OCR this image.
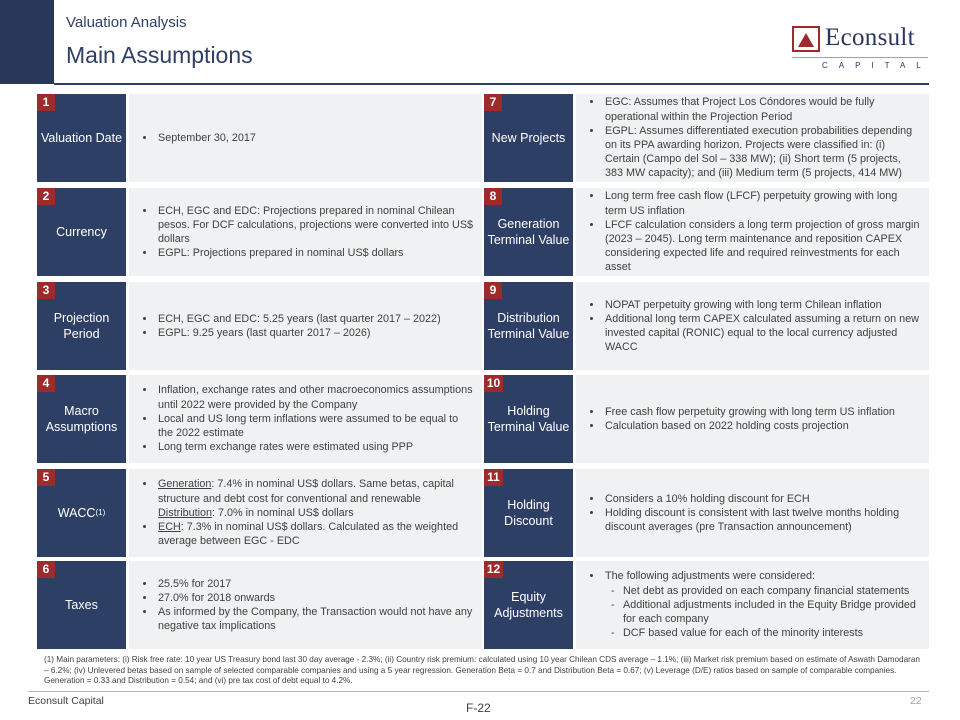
Valuation Analysis
Main Assumptions
Econsult
CAPITAL
1
Valuation Date
•	September 30, 2017
2
Currency
• ECH, EGC and EDC: Projections prepared in nominal Chilean pesos. For DCF calculations, projections were converted into US$ dollars
• EGPL: Projections prepared in nominal US$ dollars
3
Projection Period
• ECH, EGC and EDC: 5.25 years (last quarter 2017 – 2022)
• EGPL: 9.25 years (last quarter 2017 – 2026)
4
Macro Assumptions
• Inflation, exchange rates and other macroeconomics assumptions until 2022 were provided by the Company
• Local and US long term inflations were assumed to be equal to the 2022 estimate
• Long term exchange rates were estimated using PPP
5
WACC (1)
• Generation: 7.4% in nominal US$ dollars. Same betas, capital structure and debt cost for conventional and renewable
Distribution: 7.0% in nominal US$ dollars
• ECH: 7.3% in nominal US$ dollars. Calculated as the weighted average between EGC - EDC
6
Taxes
• 25.5% for 2017
• 27.0% for 2018 onwards
• As informed by the Company, the Transaction would not have any negative tax implications
7
New Projects
• EGC: Assumes that Project Los Cóndores would be fully operational within the Projection Period
• EGPL: Assumes differentiated execution probabilities depending on its PPA awarding horizon. Projects were classified in: (i) Certain (Campo del Sol – 338 MW); (ii) Short term (5 projects, 383 MW capacity); and (iii) Medium term (5 projects, 414 MW)
8
Generation Terminal Value
• Long term free cash flow (LFCF) perpetuity growing with long term US inflation
• LFCF calculation considers a long term projection of gross margin (2023 – 2045). Long term maintenance and reposition CAPEX considering expected life and required reinvestments for each asset
9
Distribution Terminal Value
• NOPAT perpetuity growing with long term Chilean inflation
• Additional long term CAPEX calculated assuming a return on new invested capital (RONIC) equal to the local currency adjusted WACC
10
Holding Terminal Value
• Free cash flow perpetuity growing with long term US inflation
• Calculation based on 2022 holding costs projection
11
Holding Discount
• Considers a 10% holding discount for ECH
• Holding discount is consistent with last twelve months holding discount averages (pre Transaction announcement)
12
Equity Adjustments
• The following adjustments were considered:
- Net debt as provided on each company financial statements
- Additional adjustments included in the Equity Bridge provided for each company
- DCF based value for each of the minority interests
(1) Main parameters: (i) Risk free rate: 10 year US Treasury bond last 30 day average - 2.3%; (ii) Country risk premium: calculated using 10 year Chilean CDS average – 1.1%; (iii) Market risk premium based on estimate of Aswath Damodaran – 6.2%; (iv) Unlevered betas based on sample of selected comparable companies and using a 5 year regression. Generation Beta = 0.7 and Distribution Beta = 0.67; (v) Leverage (D/E) ratios based on sample of comparable companies. Generation = 0.33 and Distribution = 0.54; and (vi) pre tax cost of debt equal to 4.2%.
Econsult Capital	22
F-22
